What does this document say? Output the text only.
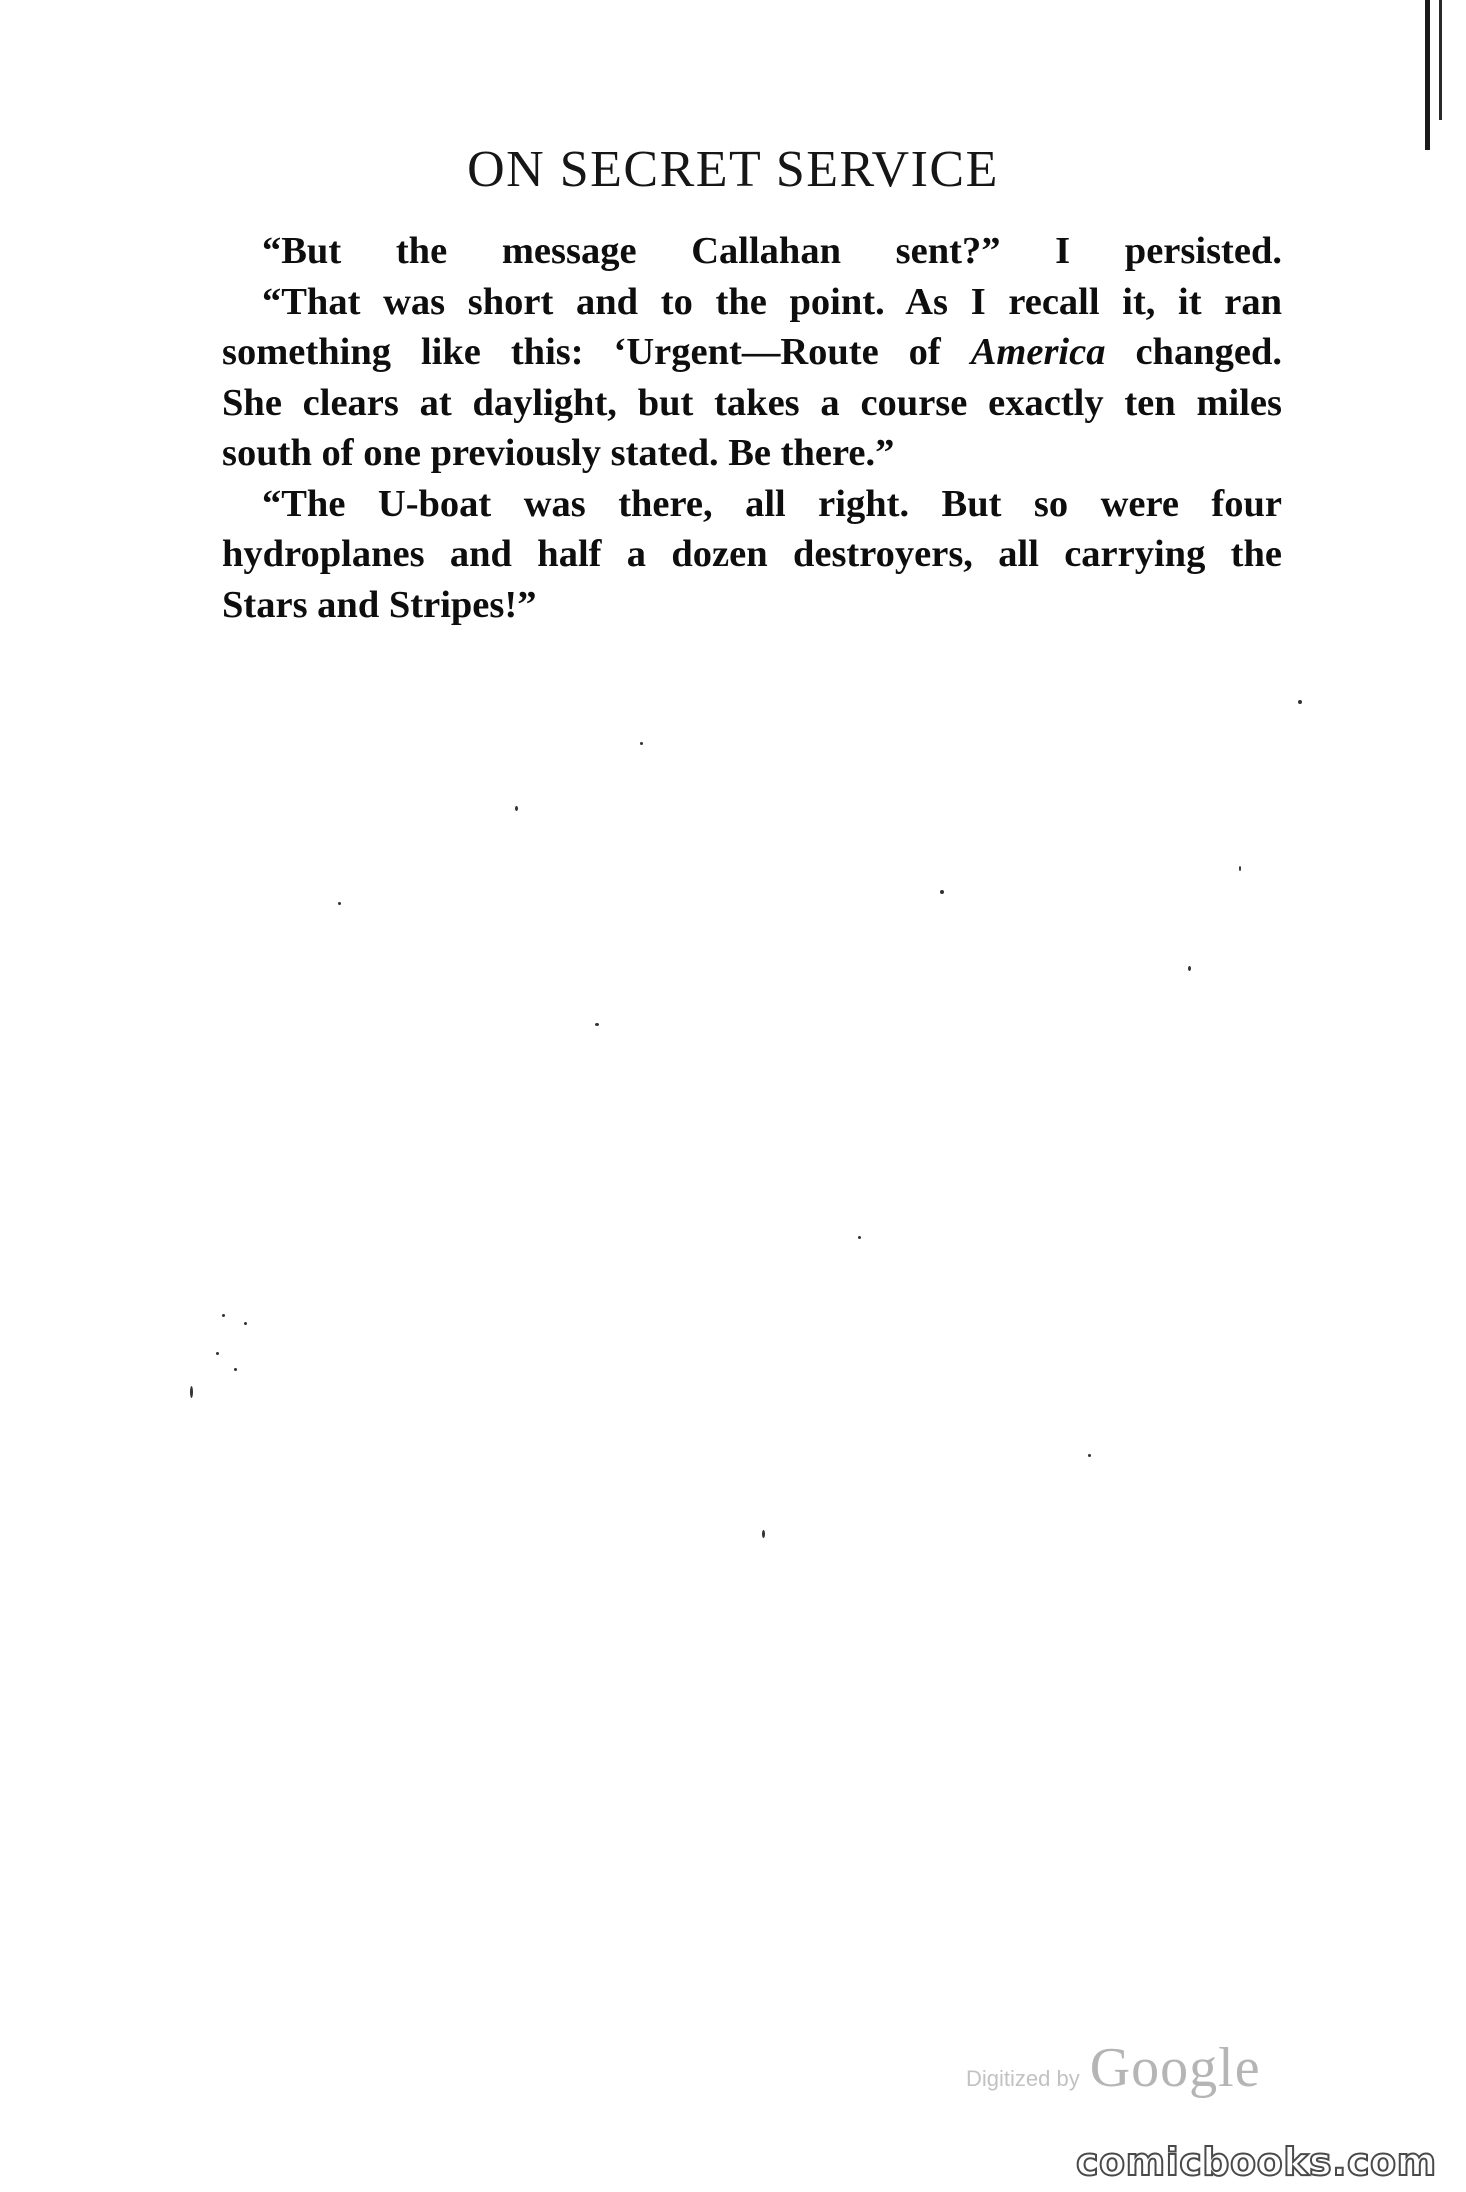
ON SECRET SERVICE
“But the message Callahan sent?” I persisted.
“That was short and to the point. As I recall it, it ran
something like this: ‘Urgent—Route of America changed.
She clears at daylight, but takes a course exactly ten miles
south of one previously stated. Be there.”
“The U-boat was there, all right. But so were four
hydroplanes and half a dozen destroyers, all carrying the
Stars and Stripes!”
Digitized by Google
comicbooks.com
